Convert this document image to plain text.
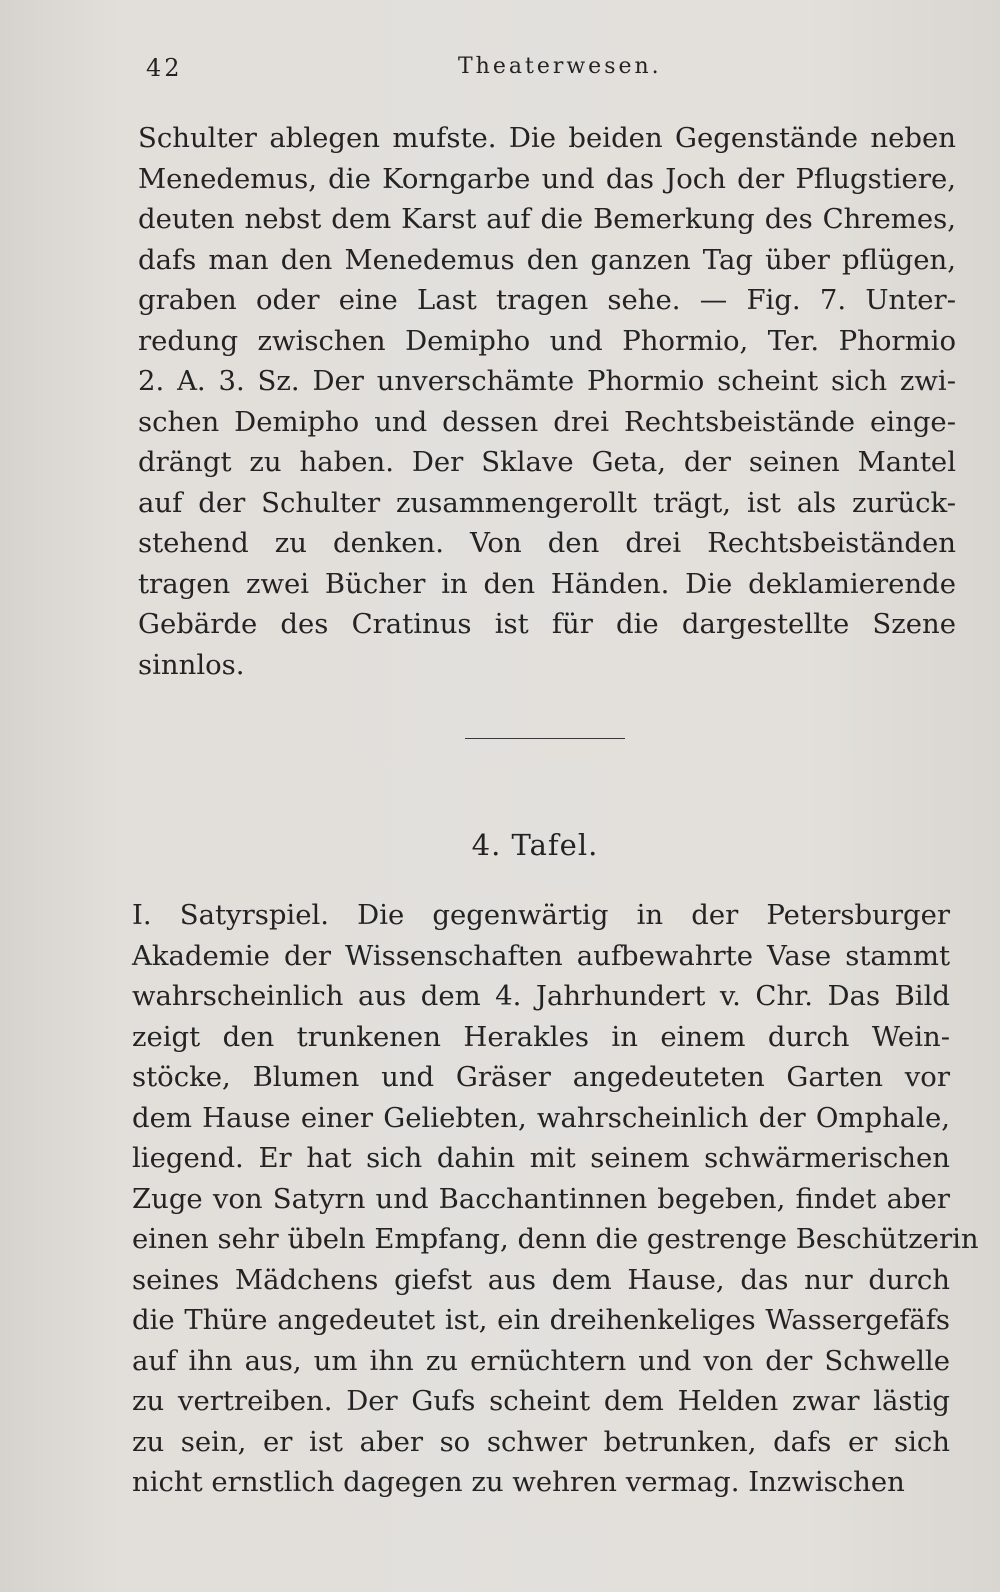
42	Theaterwesen.
Schulter ablegen mufste. Die beiden Gegenstände neben
Menedemus, die Korngarbe und das Joch der Pflugstiere,
deuten nebst dem Karst auf die Bemerkung des Chremes,
dafs man den Menedemus den ganzen Tag über pflügen,
graben oder eine Last tragen sehe. — Fig. 7. Unter-
redung zwischen Demipho und Phormio, Ter. Phormio
2. A. 3. Sz. Der unverschämte Phormio scheint sich zwi-
schen Demipho und dessen drei Rechtsbeistände einge-
drängt zu haben. Der Sklave Geta, der seinen Mantel
auf der Schulter zusammengerollt trägt, ist als zurück-
stehend zu denken. Von den drei Rechtsbeiständen
tragen zwei Bücher in den Händen. Die deklamierende
Gebärde des Cratinus ist für die dargestellte Szene
sinnlos.
4. Tafel.
I. Satyrspiel. Die gegenwärtig in der Petersburger
Akademie der Wissenschaften aufbewahrte Vase stammt
wahrscheinlich aus dem 4. Jahrhundert v. Chr. Das Bild
zeigt den trunkenen Herakles in einem durch Wein-
stöcke, Blumen und Gräser angedeuteten Garten vor
dem Hause einer Geliebten, wahrscheinlich der Omphale,
liegend. Er hat sich dahin mit seinem schwärmerischen
Zuge von Satyrn und Bacchantinnen begeben, findet aber
einen sehr übeln Empfang, denn die gestrenge Beschützerin
seines Mädchens giefst aus dem Hause, das nur durch
die Thüre angedeutet ist, ein dreihenkeliges Wassergefäfs
auf ihn aus, um ihn zu ernüchtern und von der Schwelle
zu vertreiben. Der Gufs scheint dem Helden zwar lästig
zu sein, er ist aber so schwer betrunken, dafs er sich
nicht ernstlich dagegen zu wehren vermag. Inzwischen
